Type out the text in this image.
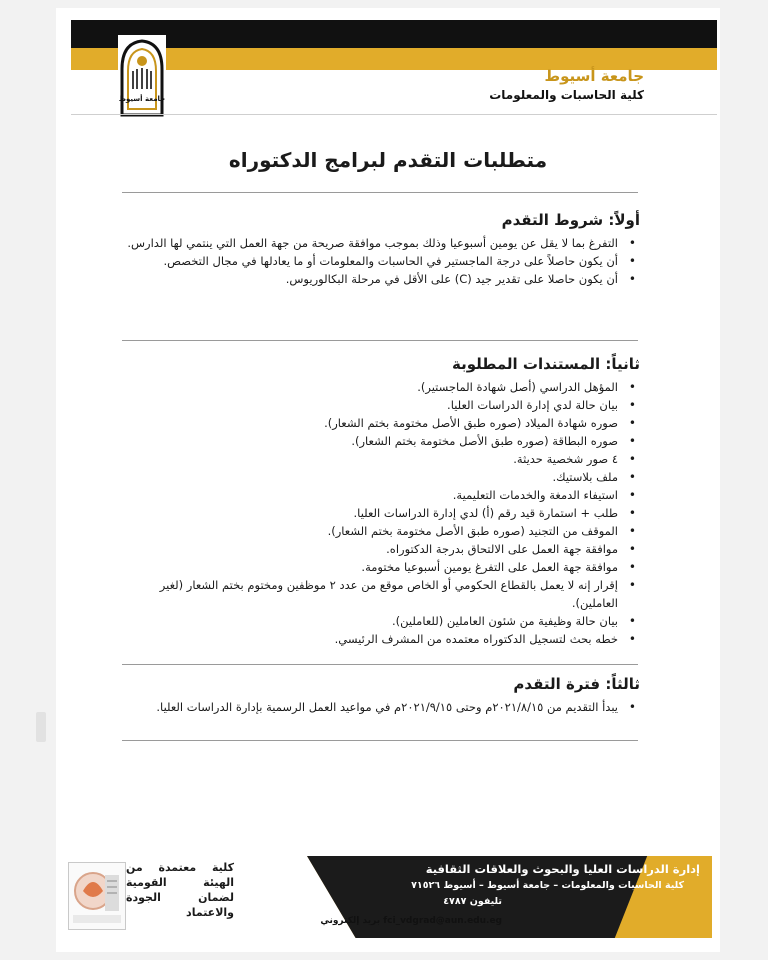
جامعة أسيوط
جامعة أسيوط
كلية الحاسبات والمعلومات
متطلبات التقدم لبرامج الدكتوراه
أولاً: شروط التقدم
• التفرغ بما لا يقل عن يومين أسبوعيا وذلك بموجب موافقة صريحة من جهة العمل التي ينتمي لها الدارس.
• أن يكون حاصلاً على درجة الماجستير في الحاسبات والمعلومات أو ما يعادلها في مجال التخصص.
• أن يكون حاصلا على تقدير جيد (C) على الأقل في مرحلة البكالوريوس.
ثانياً: المستندات المطلوبة
• المؤهل الدراسي (أصل شهادة الماجستير).
• بيان حالة لدي إدارة الدراسات العليا.
• صوره شهادة الميلاد (صوره طبق الأصل مختومة بختم الشعار).
• صوره البطاقة (صوره طبق الأصل مختومة بختم الشعار).
• ٤ صور شخصية حديثة.
• ملف بلاستيك.
• استيفاء الدمغة والخدمات التعليمية.
• طلب + استمارة قيد رقم (أ) لدي إدارة الدراسات العليا.
• الموقف من التجنيد (صوره طبق الأصل مختومة بختم الشعار).
• موافقة جهة العمل على الالتحاق بدرجة الدكتوراه.
• موافقة جهة العمل على التفرغ يومين أسبوعيا مختومة.
• إقرار إنه لا يعمل بالقطاع الحكومي أو الخاص موقع من عدد ٢ موظفين ومختوم بختم الشعار (لغير العاملين).
• بيان حالة وظيفية من شئون العاملين (للعاملين).
• خطه بحث لتسجيل الدكتوراه معتمده من المشرف الرئيسي.
ثالثاً: فترة التقدم
• يبدأ التقديم من ٢٠٢١/٨/١٥م وحتى ٢٠٢١/٩/١٥م في مواعيد العمل الرسمية بإدارة الدراسات العليا.
إدارة الدراسات العليا والبحوث والعلاقات الثقافية
كلية الحاسبات والمعلومات – جامعة أسيوط – أسيوط ٧١٥٢٦
تليفون ٤٧٨٧
بريد إلكتروني fci_vdgrad@aun.edu.eg
كلية معتمدة من الهيئة القومية لضمان الجودة والاعتماد
